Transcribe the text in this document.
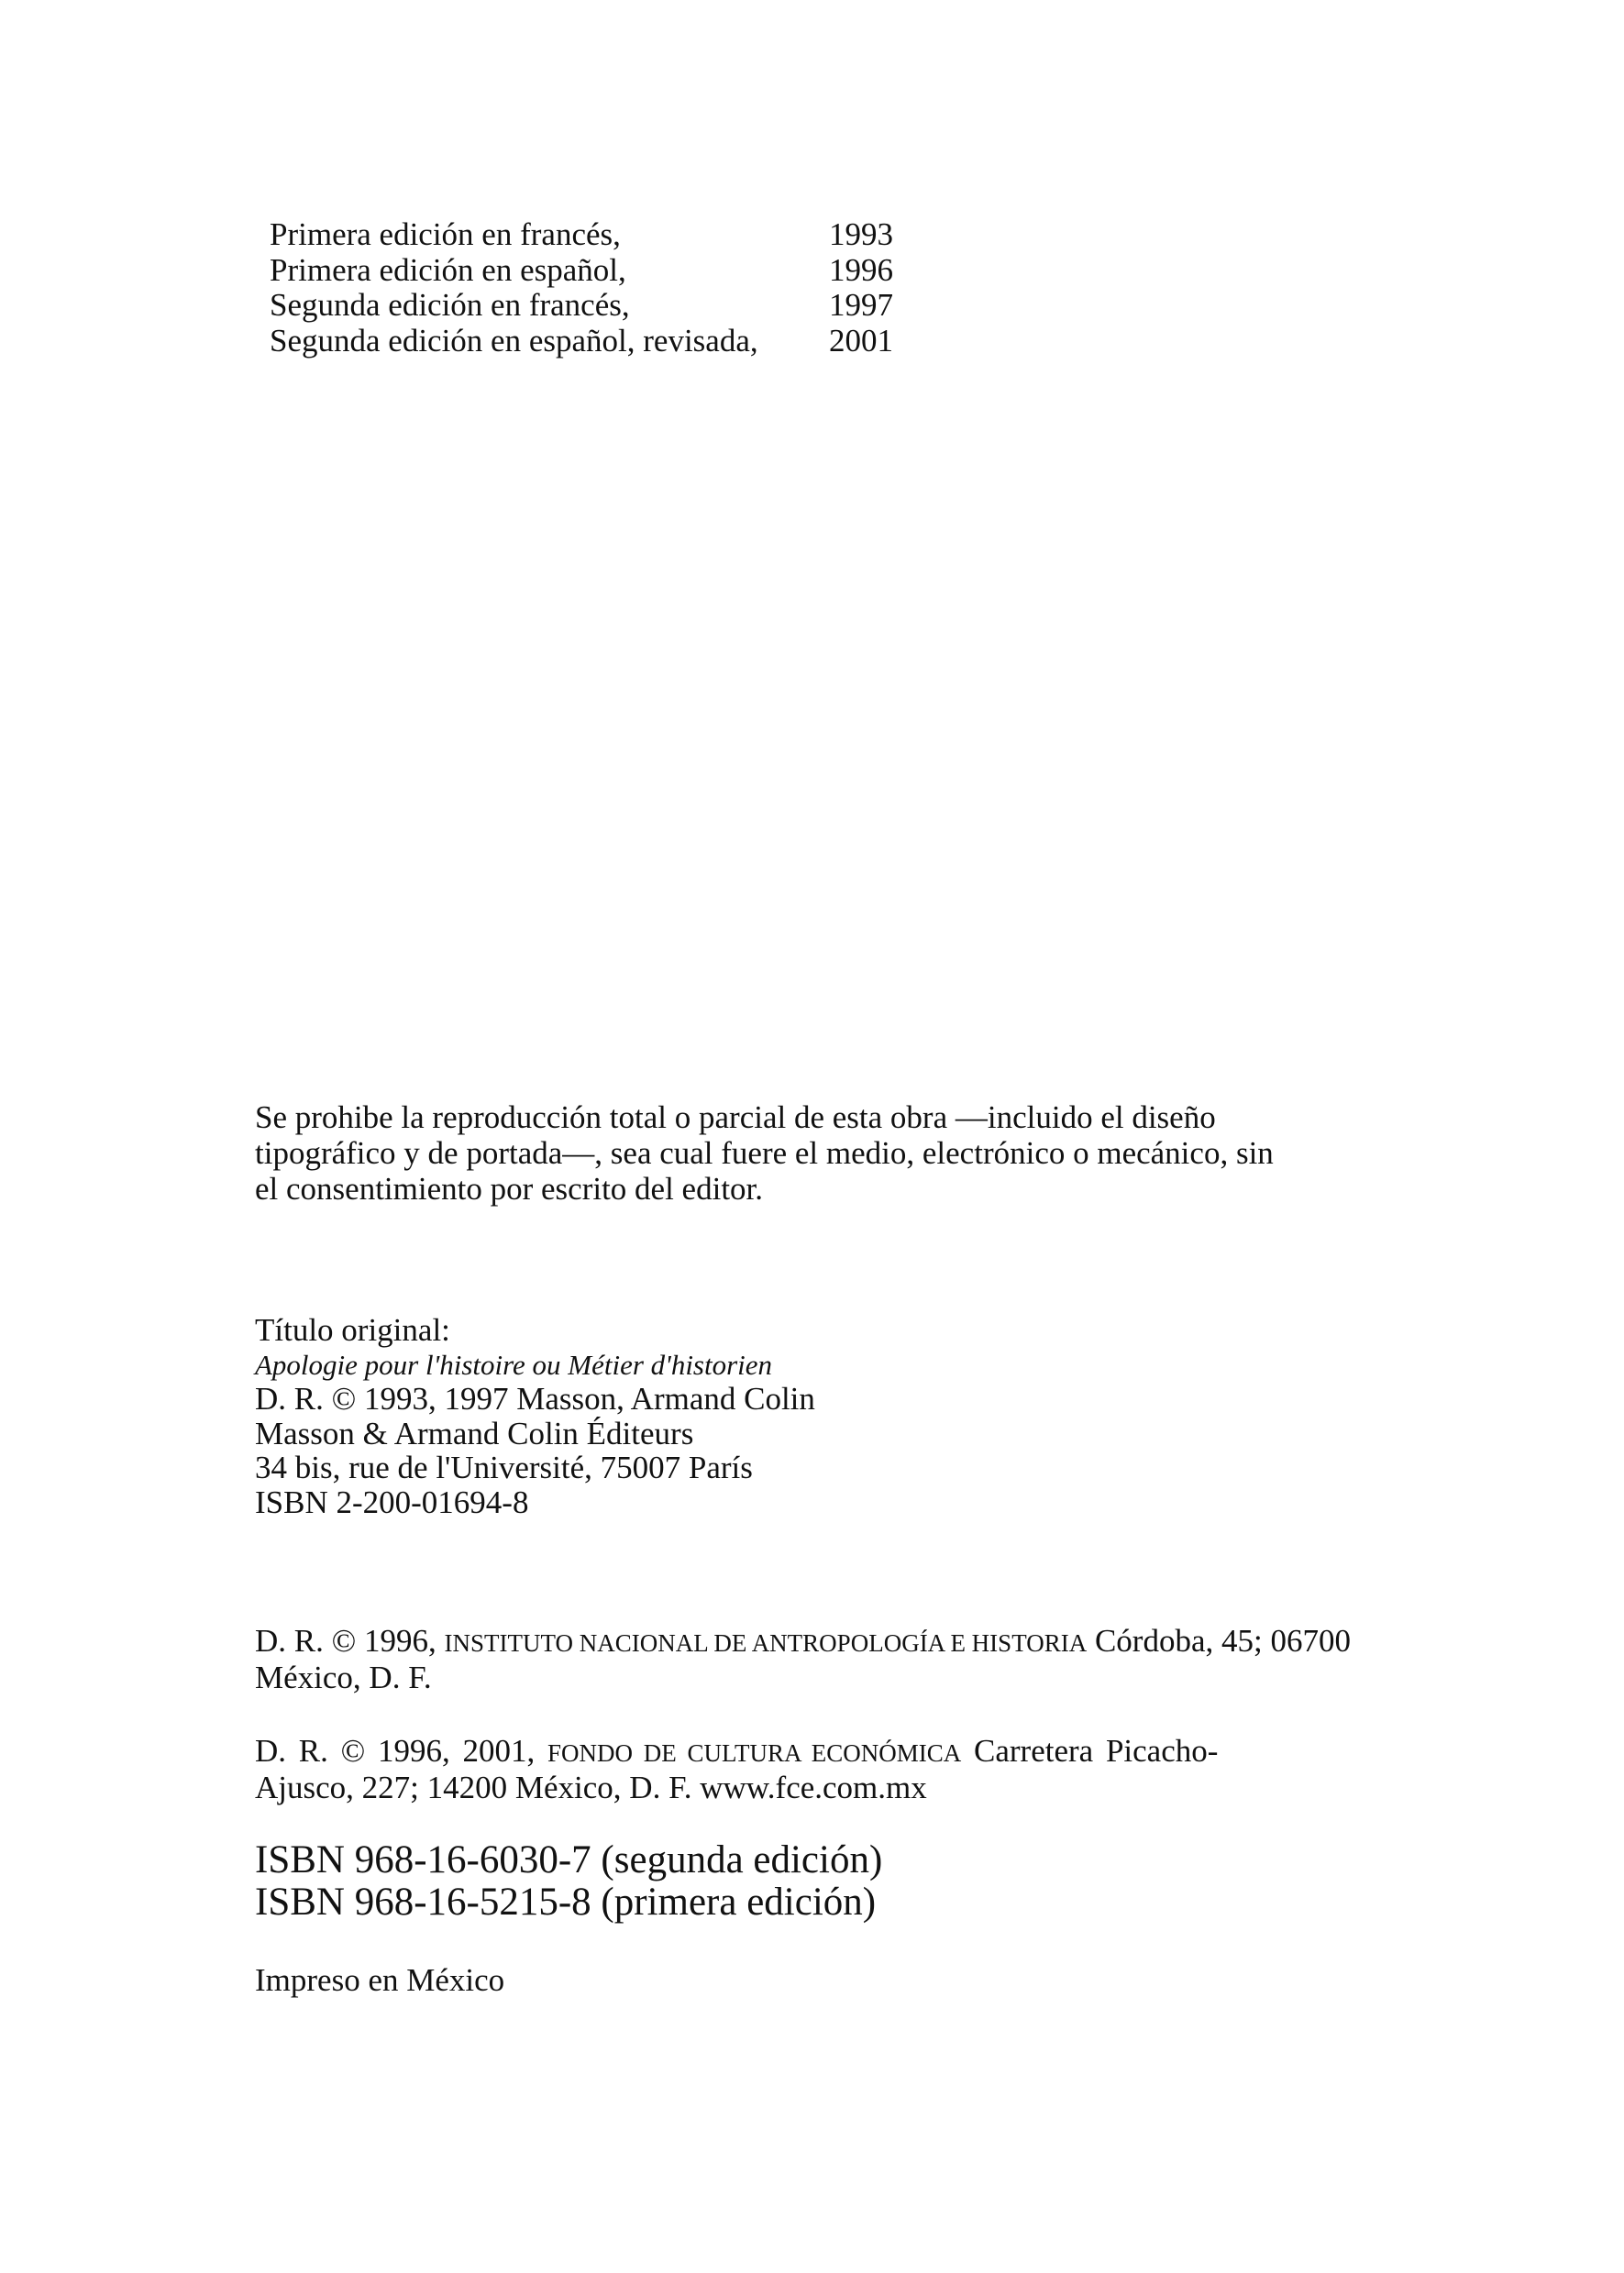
Primera edición en francés,	1993
Primera edición en español,	1996
Segunda edición en francés,	1997
Segunda edición en español, revisada, 2001

Se prohibe la reproducción total o parcial de esta obra —incluido el diseño

tipográfico y de portada—, sea cual fuere el medio, electrónico o mecánico, sin

el consentimiento por escrito del editor.

Título original:
Apologie pour l'histoire ou Métier d'historien
D. R. © 1993, 1997 Masson, Armand Colin
Masson & Armand Colin Éditeurs
34 bis, rue de l'Université, 75007 París
ISBN 2-200-01694-8
D. R. © 1996, INSTITUTO NACIONAL DE ANTROPOLOGÍA E HISTORIA Córdoba, 45; 06700
México, D. F.
D. R. © 1996, 2001, FONDO DE CULTURA ECONÓMICA Carretera Picacho-
Ajusco, 227; 14200 México, D. F. www.fce.com.mx
ISBN 968-16-6030-7 (segunda edición)
ISBN 968-16-5215-8 (primera edición)
Impreso en México
